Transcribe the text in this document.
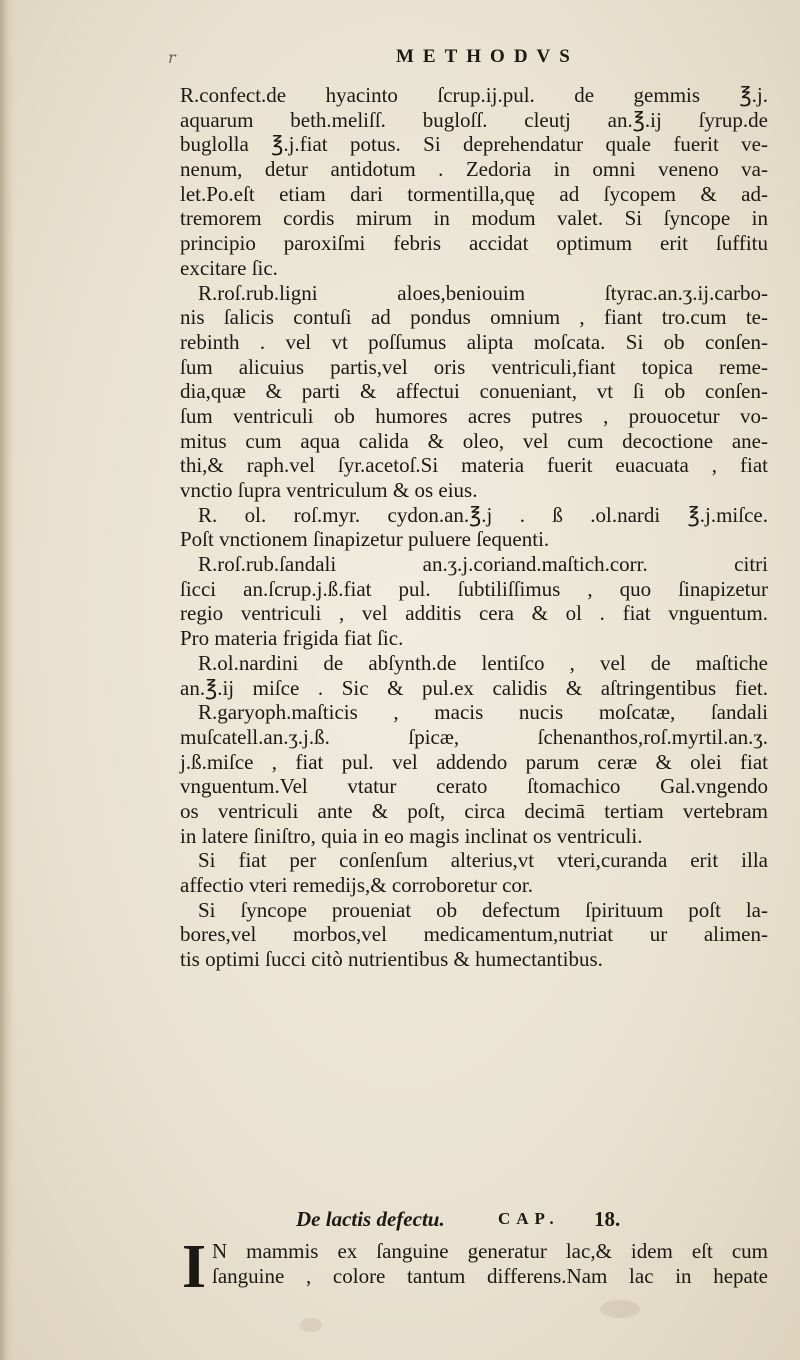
r	METHODVS
R.confect.de hyacinto ſcrup.ij.pul. de gemmis ℥.j.
aquarum beth.meliſſ. bugloſſ. cleutj an.℥.ij ſyrup.de
buglolla ℥.j.fiat potus. Si deprehendatur quale fuerit ve-
nenum, detur antidotum . Zedoria in omni veneno va-
let.Po.eſt etiam dari tormentilla,quę ad ſycopem & ad-
tremorem cordis mirum in modum valet. Si ſyncope in
principio paroxiſmi febris accidat optimum erit ſuffitu
excitare ſic.
R.roſ.rub.ligni aloes,beniouim ſtyrac.an.ʒ.ij.carbo-
nis ſalicis contuſi ad pondus omnium , fiant tro.cum te-
rebinth . vel vt poſſumus alipta moſcata. Si ob conſen-
ſum alicuius partis,vel oris ventriculi,fiant topica reme-
dia,quæ & parti & affectui conueniant, vt ſi ob conſen-
ſum ventriculi ob humores acres putres , prouocetur vo-
mitus cum aqua calida & oleo, vel cum decoctione ane-
thi,& raph.vel ſyr.acetoſ.Si materia fuerit euacuata , fiat
vnctio ſupra ventriculum & os eius.
R. ol. roſ.myr. cydon.an.℥.j . ß .ol.nardi ℥.j.miſce.
Poſt vnctionem ſinapizetur puluere ſequenti.
R.roſ.rub.ſandali an.ʒ.j.coriand.maſtich.corr. citri
ſicci an.ſcrup.j.ß.fiat pul. ſubtiliſſimus , quo ſinapizetur
regio ventriculi , vel additis cera & ol . fiat vnguentum.
Pro materia frigida fiat ſic.
R.ol.nardini de abſynth.de lentiſco , vel de maſtiche
an.℥.ij miſce . Sic & pul.ex calidis & aſtringentibus fiet.
R.garyoph.maſticis , macis nucis moſcatæ, ſandali
muſcatell.an.ʒ.j.ß. ſpicæ, ſchenanthos,roſ.myrtil.an.ʒ.
j.ß.miſce , fiat pul. vel addendo parum ceræ & olei fiat
vnguentum.Vel vtatur cerato ſtomachico Gal.vngendo
os ventriculi ante & poſt, circa decimā tertiam vertebram
in latere ſiniſtro, quia in eo magis inclinat os ventriculi.
Si fiat per conſenſum alterius,vt vteri,curanda erit illa
affectio vteri remedijs,& corroboretur cor.
Si ſyncope proueniat ob defectum ſpirituum poſt la-
bores,vel morbos,vel medicamentum,nutriat ur alimen-
tis optimi ſucci citò nutrientibus & humectantibus.
De lactis defectu.	CAP. 18.
I N mammis ex ſanguine generatur lac,& idem eſt cum
ſanguine , colore tantum differens.Nam lac in hepate
